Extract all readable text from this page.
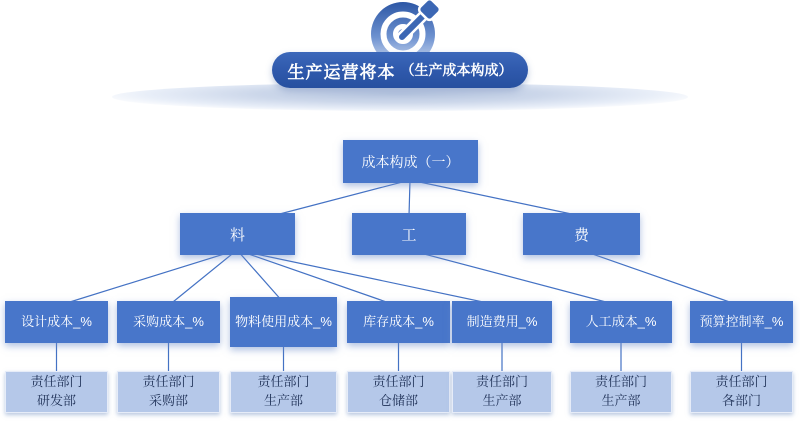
生产运营将本 （生产成本构成）
成本构成（一）
料	工	费
设计成本_%	采购成本_% 物料使用成本_% 库存成本_%	制造费用_%	人工成本_%	预算控制率_%
责任部门
研发部
责任部门
采购部
责任部门
生产部
责任部门
仓储部
责任部门
生产部
责任部门
生产部
责任部门
各部门
